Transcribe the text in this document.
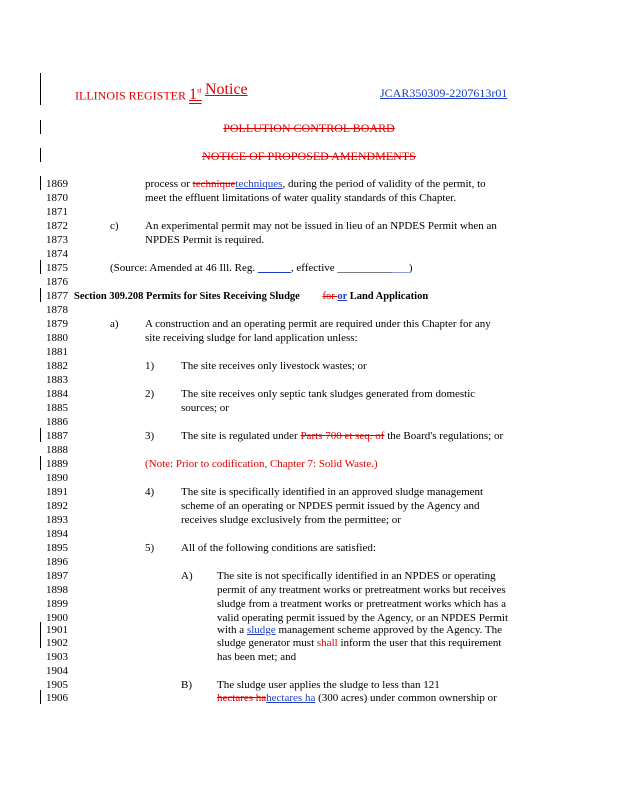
ILLINOIS REGISTER 1st Notice	JCAR350309-2207613r01
POLLUTION CONTROL BOARD
NOTICE OF PROPOSED AMENDMENTS
1869
1870
1871
1872
1873
1874
1875
1876
1877
1878
1879
1880
1881
1882
1883
1884
1885
1886
1887
1888
1889
1890
1891
1892
1893
1894
1895
1896
1897
1898
1899
1900
1901
1902
1903
1904
1905
1906
process or techniquetechniques, during the period of validity of the permit, to
meet the effluent limitations of water quality standards of this Chapter.
c) An experimental permit may not be issued in lieu of an NPDES Permit when an
NPDES Permit is required.
(Source: Amended at 46 Ill. Reg. ______, effective _____________)
Section 309.208 Permits for Sites Receiving Sludge for or Land Application
a) A construction and an operating permit are required under this Chapter for any
site receiving sludge for land application unless:
1) The site receives only livestock wastes; or
2) The site receives only septic tank sludges generated from domestic
sources; or
3) The site is regulated under Parts 700 et seq. of the Board's regulations; or
(Note: Prior to codification, Chapter 7: Solid Waste.)
4) The site is specifically identified in an approved sludge management
scheme of an operating or NPDES permit issued by the Agency and
receives sludge exclusively from the permittee; or
5) All of the following conditions are satisfied:
A) The site is not specifically identified in an NPDES or operating
permit of any treatment works or pretreatment works but receives
sludge from a treatment works or pretreatment works which has a
valid operating permit issued by the Agency, or an NPDES Permit
with a sludge management scheme approved by the Agency. The
sludge generator must shall inform the user that this requirement
has been met; and
B) The sludge user applies the sludge to less than 121
hectares hahectares ha (300 acres) under common ownership or
